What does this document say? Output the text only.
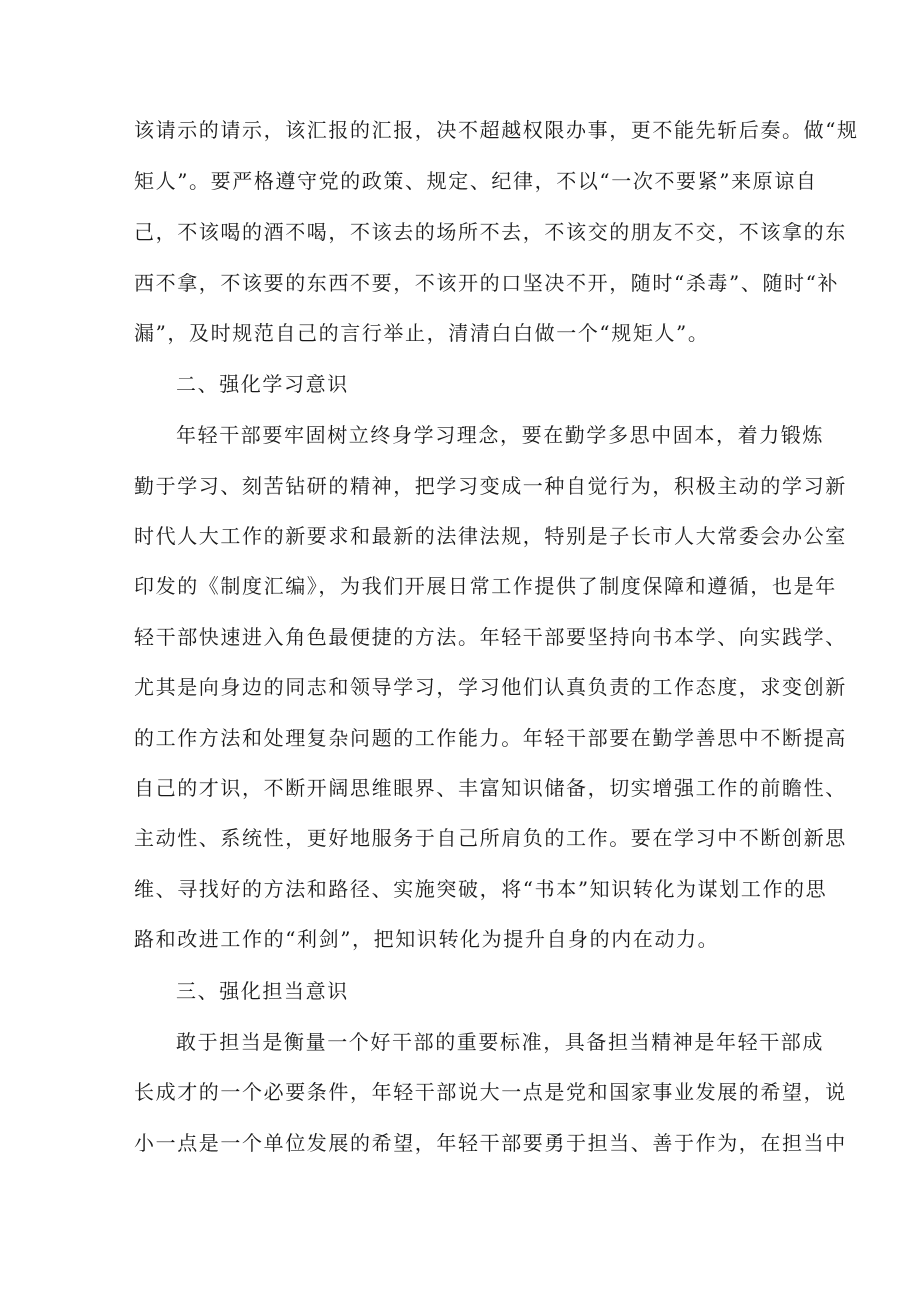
该请示的请示，该汇报的汇报，决不超越权限办事，更不能先斩后奏。做“规
矩人”。要严格遵守党的政策、规定、纪律，不以“一次不要紧”来原谅自
己，不该喝的酒不喝，不该去的场所不去，不该交的朋友不交，不该拿的东
西不拿，不该要的东西不要，不该开的口坚决不开，随时“杀毒”、随时“补
漏”，及时规范自己的言行举止，清清白白做一个“规矩人”。
二、强化学习意识
年轻干部要牢固树立终身学习理念，要在勤学多思中固本，着力锻炼
勤于学习、刻苦钻研的精神，把学习变成一种自觉行为，积极主动的学习新
时代人大工作的新要求和最新的法律法规，特别是子长市人大常委会办公室
印发的《制度汇编》，为我们开展日常工作提供了制度保障和遵循，也是年
轻干部快速进入角色最便捷的方法。年轻干部要坚持向书本学、向实践学、
尤其是向身边的同志和领导学习，学习他们认真负责的工作态度，求变创新
的工作方法和处理复杂问题的工作能力。年轻干部要在勤学善思中不断提高
自己的才识，不断开阔思维眼界、丰富知识储备，切实增强工作的前瞻性、
主动性、系统性，更好地服务于自己所肩负的工作。要在学习中不断创新思
维、寻找好的方法和路径、实施突破，将“书本”知识转化为谋划工作的思
路和改进工作的“利剑”，把知识转化为提升自身的内在动力。
三、强化担当意识
敢于担当是衡量一个好干部的重要标准，具备担当精神是年轻干部成
长成才的一个必要条件，年轻干部说大一点是党和国家事业发展的希望，说
小一点是一个单位发展的希望，年轻干部要勇于担当、善于作为，在担当中
